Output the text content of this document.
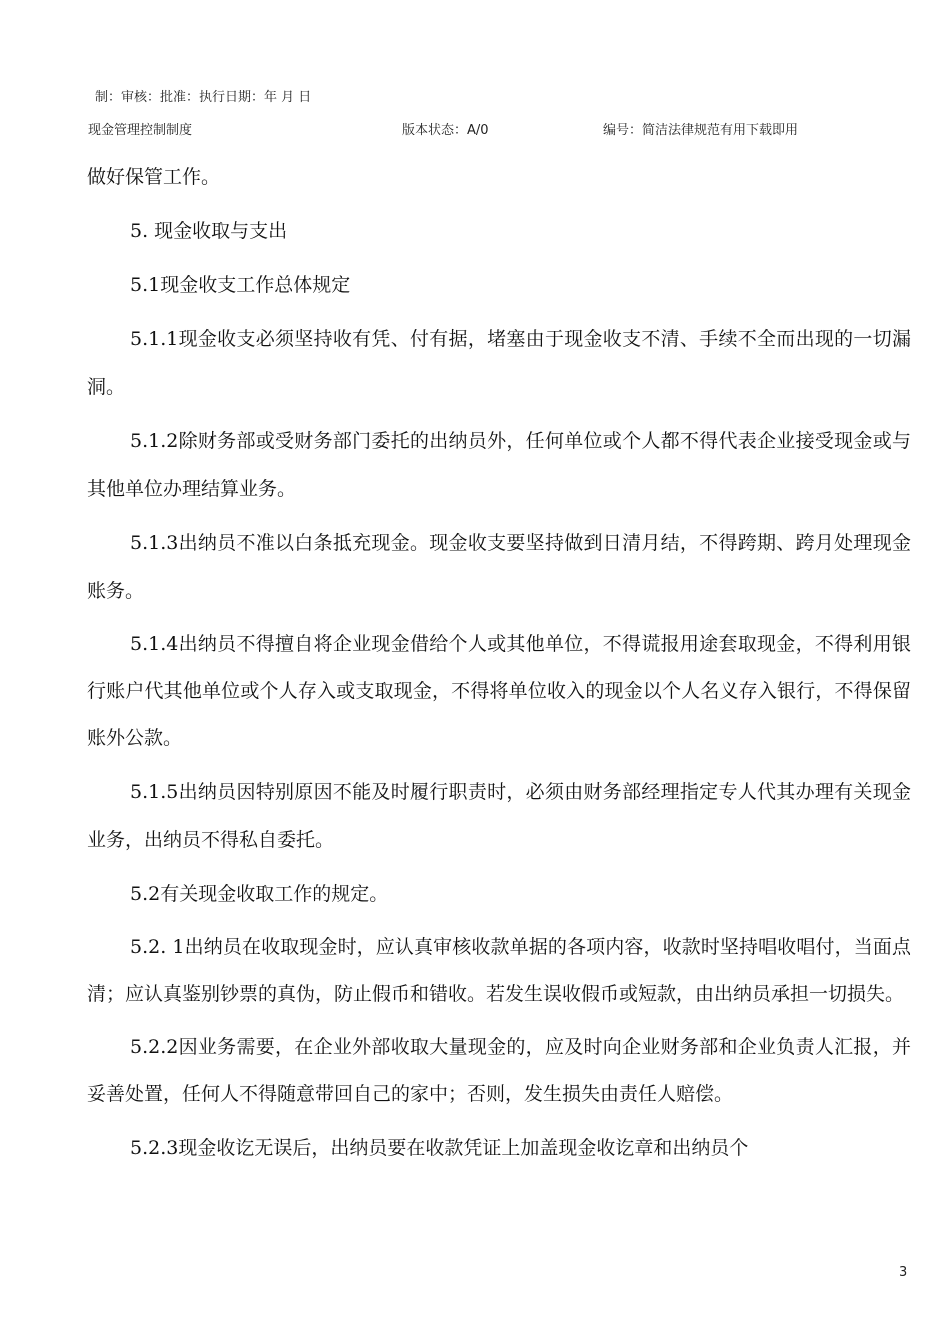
制：审核：批准：执行日期：年 月 日
现金管理控制制度	版本状态：A/0	编号：简洁法律规范有用下载即用

做好保管工作。

5. 现金收取与支出

5.1现金收支工作总体规定

5.1.1现金收支必须坚持收有凭、付有据，堵塞由于现金收支不清、手续不全而出现的一切漏洞。

5.1.2除财务部或受财务部门委托的出纳员外，任何单位或个人都不得代表企业接受现金或与其他单位办理结算业务。

5.1.3出纳员不准以白条抵充现金。现金收支要坚持做到日清月结，不得跨期、跨月处理现金账务。

5.1.4出纳员不得擅自将企业现金借给个人或其他单位，不得谎报用途套取现金，不得利用银行账户代其他单位或个人存入或支取现金，不得将单位收入的现金以个人名义存入银行，不得保留账外公款。

5.1.5出纳员因特别原因不能及时履行职责时，必须由财务部经理指定专人代其办理有关现金业务，出纳员不得私自委托。

5.2有关现金收取工作的规定。

5.2. 1出纳员在收取现金时，应认真审核收款单据的各项内容，收款时坚持唱收唱付，当面点清；应认真鉴别钞票的真伪，防止假币和错收。若发生误收假币或短款，由出纳员承担一切损失。

5.2.2因业务需要，在企业外部收取大量现金的，应及时向企业财务部和企业负责人汇报，并妥善处置，任何人不得随意带回自己的家中；否则，发生损失由责任人赔偿。

5.2.3现金收讫无误后，出纳员要在收款凭证上加盖现金收讫章和出纳员个

3
